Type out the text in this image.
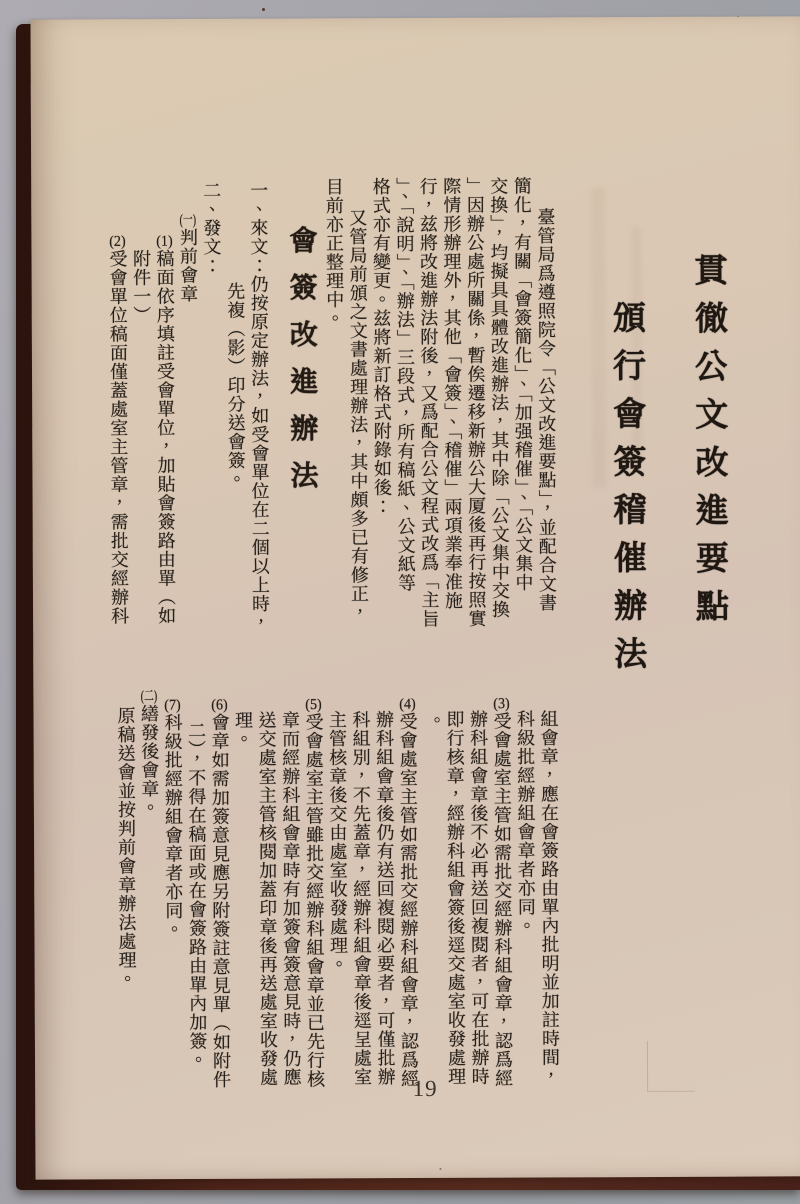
貫徹公文改進要點
頒行會簽稽催辦法
臺管局爲遵照院令「公文改進要點」，並配合文書
簡化，有關「會簽簡化」、「加强稽催」、「公文集中
交換」，均擬具具體改進辦法，其中除「公文集中交換
」因辦公處所關係，暫俟遷移新辦公大厦後再行按照實
際情形辦理外，其他「會簽」、「稽催」兩項業奉准施
行，兹將改進辦法附後，又爲配合公文程式改爲「主旨
」、「說明」、「辦法」三段式，所有稿紙、公文紙等
格式亦有變更。兹將新訂格式附錄如後：
又管局前頒之文書處理辦法，其中頗多已有修正，
目前亦正整理中。
會簽改進辦法
一、來文：仍按原定辦法，如受會單位在二個以上時，
先複（影）印分送會簽。
二、發文：
(一)判前會章
(1)稿面依序填註受會單位，加貼會簽路由單（如
附件一）
(2)受會單位稿面僅蓋處室主管章，需批交經辦科
組會章，應在會簽路由單內批明並加註時間，
科級批經辦組會章者亦同。
(3)受會處室主管如需批交經辦科組會章，認爲經
辦科組會章後不必再送回複閱者，可在批辦時
即行核章，經辦科組會簽後逕交處室收發處理
。
(4)受會處室主管如需批交經辦科組會章，認爲經
辦科組會章後仍有送回複閱必要者，可僅批辦
科組別，不先蓋章，經辦科組會章後逕呈處室
主管核章後交由處室收發處理。
(5)受會處室主管雖批交經辦科組會章並已先行核
章而經辦科組會章時有加簽會簽意見時，仍應
送交處室主管核閱加蓋印章後再送處室收發處
理。
(6)會章如需加簽意見應另附簽註意見單（如附件
二），不得在稿面或在會簽路由單內加簽。
(7)科級批經辦組會章者亦同。
(二)繕發後會章。
原稿送會並按判前會章辦法處理。
19
